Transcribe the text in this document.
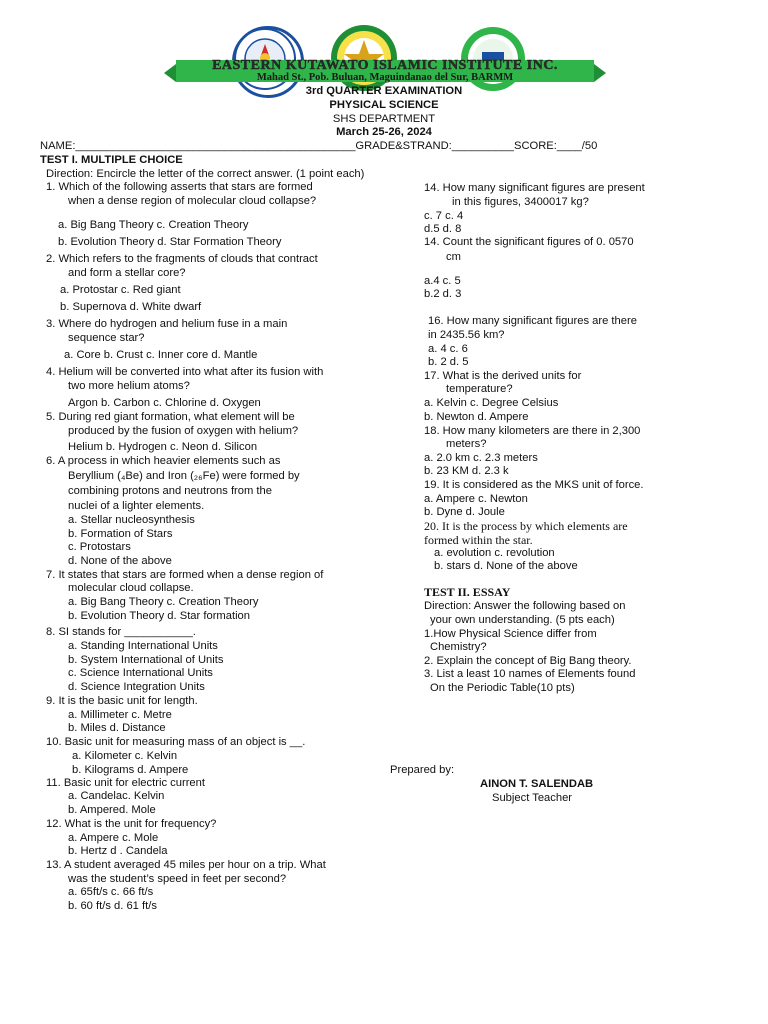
EASTERN KUTAWATO ISLAMIC INSTITUTE INC.
Mahad St., Pob. Buluan, Maguindanao del Sur, BARMM
3rd QUARTER EXAMINATION
PHYSICAL SCIENCE
SHS DEPARTMENT
March 25-26, 2024
NAME:_____________________________________________GRADE&STRAND:__________SCORE:____/50
TEST I. MULTIPLE CHOICE
Direction: Encircle the letter of the correct answer. (1 point each)
1. Which of the following asserts that stars are formed
when a dense region of molecular cloud collapse?
a. Big Bang Theory c. Creation Theory
b. Evolution Theory d. Star Formation Theory
2. Which refers to the fragments of clouds that contract
and form a stellar core?
a. Protostar c. Red giant
b. Supernova d. White dwarf
3. Where do hydrogen and helium fuse in a main
sequence star?
a. Core b. Crust c. Inner core d. Mantle
4. Helium will be converted into what after its fusion with
two more helium atoms?
Argon b. Carbon c. Chlorine d. Oxygen
5. During red giant formation, what element will be
produced by the fusion of oxygen with helium?
Helium b. Hydrogen c. Neon d. Silicon
6. A process in which heavier elements such as
Beryllium (₄Be) and Iron (₂₆Fe) were formed by
combining protons and neutrons from the
nuclei of a lighter elements.
a. Stellar nucleosynthesis
b. Formation of Stars
c. Protostars
d. None of the above
7. It states that stars are formed when a dense region of
molecular cloud collapse.
a. Big Bang Theory c. Creation Theory
b. Evolution Theory d. Star formation
8. SI stands for ___________.
a. Standing International Units
b. System International of Units
c. Science International Units
d. Science Integration Units
9. It is the basic unit for length.
a. Millimeter c. Metre
b. Miles d. Distance
10. Basic unit for measuring mass of an object is __.
a. Kilometer c. Kelvin
b. Kilograms d. Ampere
11. Basic unit for electric current
a. Candelac. Kelvin
b. Ampered. Mole
12. What is the unit for frequency?
a. Ampere c. Mole
b. Hertz d . Candela
13. A student averaged 45 miles per hour on a trip. What
was the student’s speed in feet per second?
a. 65ft/s c. 66 ft/s
b. 60 ft/s d. 61 ft/s
14. How many significant figures are present
in this figures, 3400017 kg?
c. 7 c. 4
d.5 d. 8
14. Count the significant figures of 0. 0570
cm
a.4 c. 5
b.2 d. 3
16. How many significant figures are there
in 2435.56 km?
a. 4 c. 6
b. 2 d. 5
17. What is the derived units for
temperature?
a. Kelvin c. Degree Celsius
b. Newton d. Ampere
18. How many kilometers are there in 2,300
meters?
a. 2.0 km c. 2.3 meters
b. 23 KM d. 2.3 k
19. It is considered as the MKS unit of force.
a. Ampere c. Newton
b. Dyne d. Joule
20. It is the process by which elements are
formed within the star.
a. evolution c. revolution
b. stars d. None of the above
TEST II. ESSAY
Direction: Answer the following based on
your own understanding. (5 pts each)
1.How Physical Science differ from
Chemistry?
2. Explain the concept of Big Bang theory.
3. List a least 10 names of Elements found
On the Periodic Table(10 pts)
Prepared by:
AINON T. SALENDAB
Subject Teacher
